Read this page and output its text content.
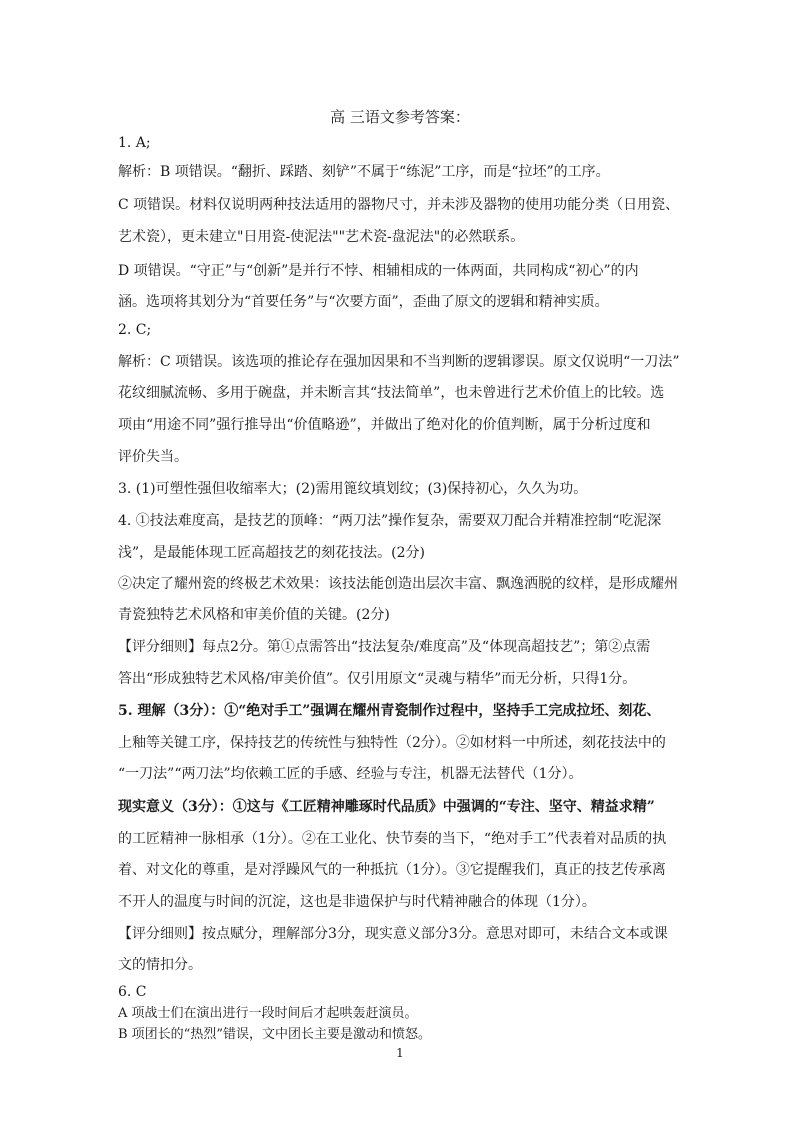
高 三语文参考答案：
1. A;
解析：B 项错误。“翻折、踩踏、刻铲”不属于“练泥”工序，而是“拉坯”的工序。
C 项错误。材料仅说明两种技法适用的器物尺寸，并未涉及器物的使用功能分类（日用瓷、
艺术瓷），更未建立"日用瓷-使泥法""艺术瓷-盘泥法"的必然联系。
D 项错误。“守正”与“创新”是并行不悖、相辅相成的一体两面，共同构成“初心”的内
涵。选项将其划分为“首要任务”与“次要方面”，歪曲了原文的逻辑和精神实质。
2. C;
解析：C 项错误。该选项的推论存在强加因果和不当判断的逻辑谬误。原文仅说明“一刀法”
花纹细腻流畅、多用于碗盘，并未断言其“技法简单”，也未曾进行艺术价值上的比较。选
项由“用途不同”强行推导出“价值略逊”，并做出了绝对化的价值判断，属于分析过度和
评价失当。
3. (1)可塑性强但收缩率大；(2)需用篦纹填划纹；(3)保持初心，久久为功。
4. ①技法难度高，是技艺的顶峰：“两刀法”操作复杂，需要双刀配合并精准控制“吃泥深
浅”，是最能体现工匠高超技艺的刻花技法。(2分)
②决定了耀州瓷的终极艺术效果：该技法能创造出层次丰富、飘逸洒脱的纹样，是形成耀州
青瓷独特艺术风格和审美价值的关键。(2分)
【评分细则】每点2分。第①点需答出“技法复杂/难度高”及“体现高超技艺”；第②点需
答出“形成独特艺术风格/审美价值”。仅引用原文“灵魂与精华”而无分析，只得1分。
5. 理解（3分）：①“绝对手工”强调在耀州青瓷制作过程中，坚持手工完成拉坯、刻花、
上釉等关键工序，保持技艺的传统性与独特性（2分）。②如材料一中所述，刻花技法中的
“一刀法”“两刀法”均依赖工匠的手感、经验与专注，机器无法替代（1分）。
现实意义（3分）：①这与《工匠精神雕琢时代品质》中强调的“专注、坚守、精益求精”
的工匠精神一脉相承（1分）。②在工业化、快节奏的当下，“绝对手工”代表着对品质的执
着、对文化的尊重，是对浮躁风气的一种抵抗（1分）。③它提醒我们，真正的技艺传承离
不开人的温度与时间的沉淀，这也是非遗保护与时代精神融合的体现（1分）。
【评分细则】按点赋分，理解部分3分，现实意义部分3分。意思对即可，未结合文本或课
文的情扣分。
6. C
A 项战士们在演出进行一段时间后才起哄轰赶演员。
B 项团长的“热烈”错误，文中团长主要是激动和愤怒。
1
